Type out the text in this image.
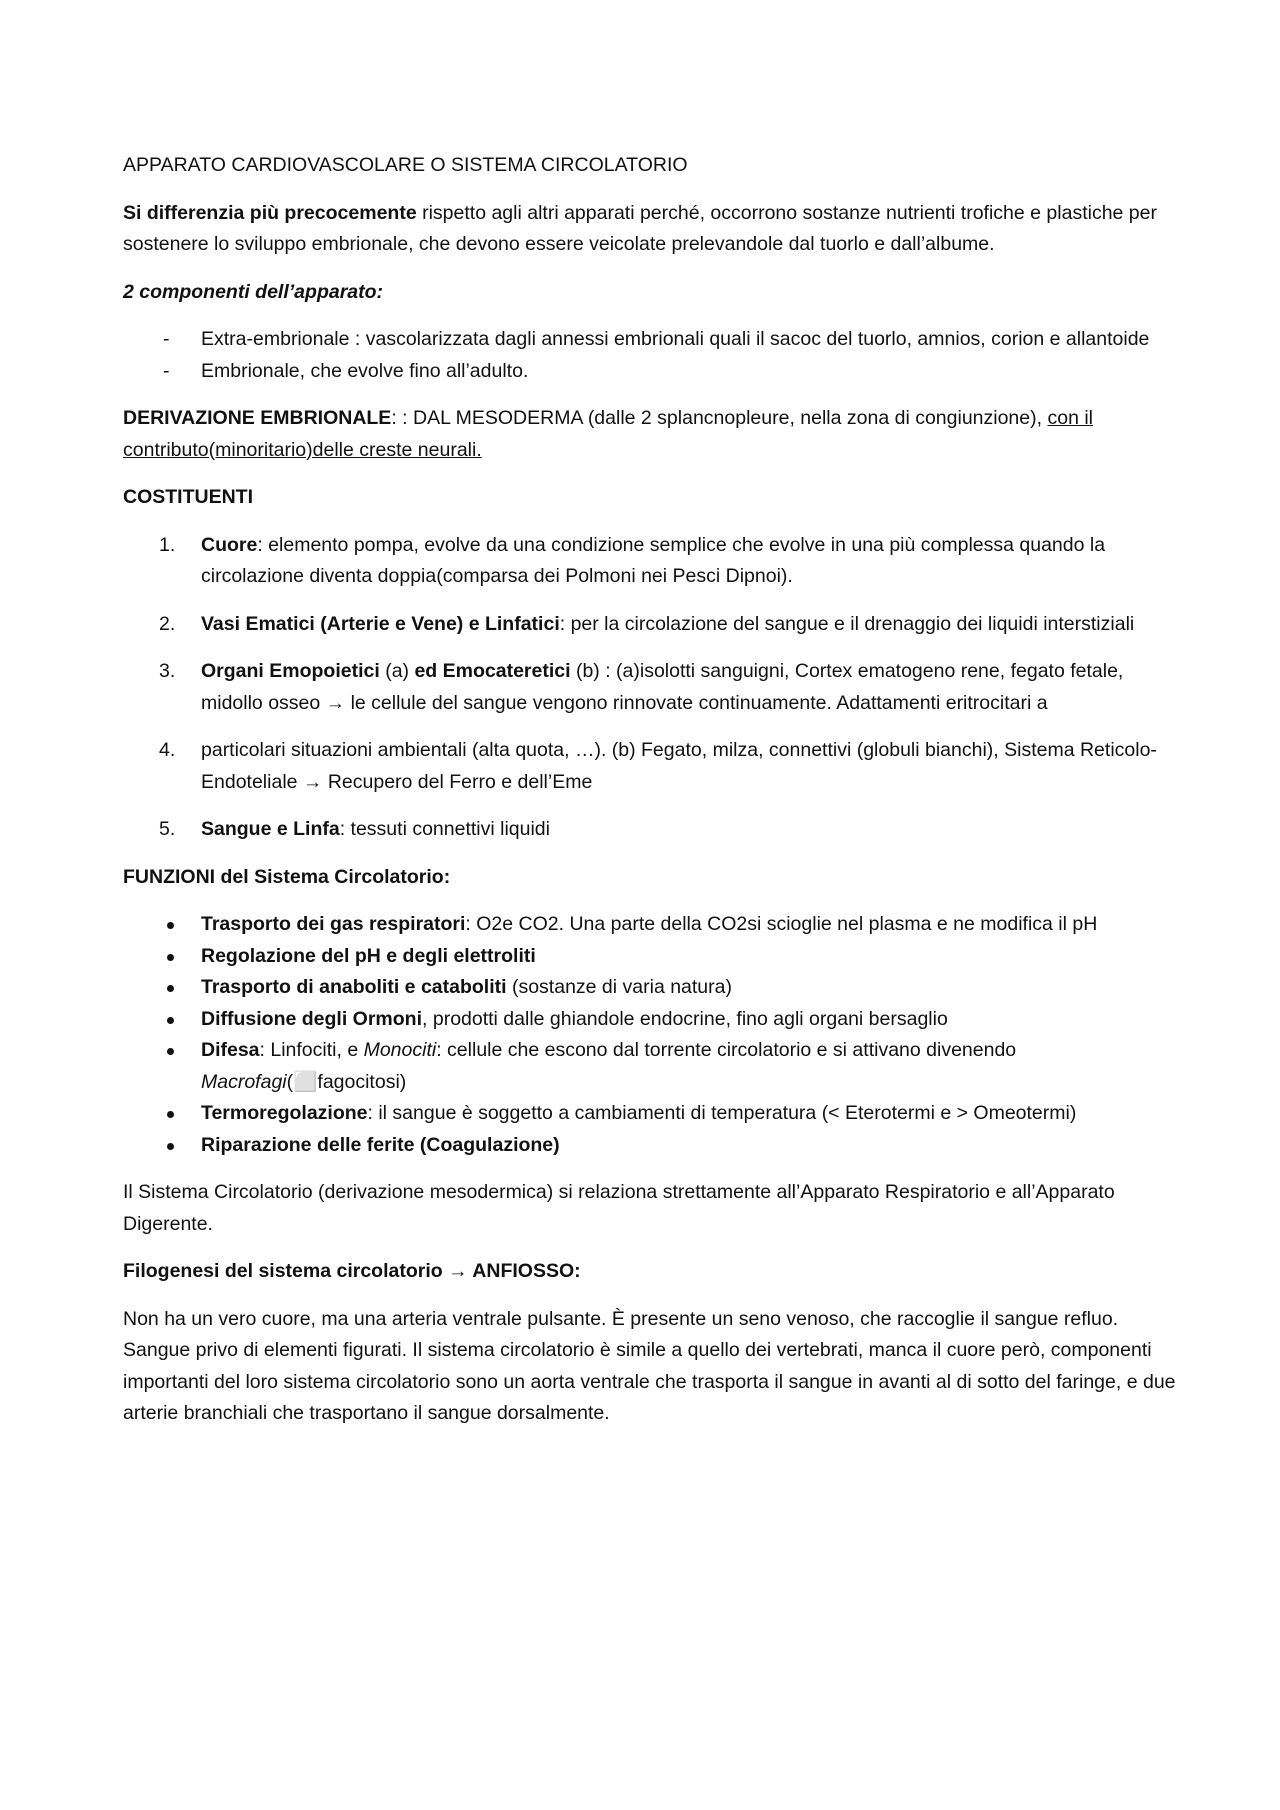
APPARATO CARDIOVASCOLARE O SISTEMA CIRCOLATORIO

Si differenzia più precocemente rispetto agli altri apparati perché, occorrono sostanze nutrienti trofiche e plastiche per sostenere lo sviluppo embrionale, che devono essere veicolate prelevandole dal tuorlo e dall’albume.

2 componenti dell’apparato:

- Extra-embrionale : vascolarizzata dagli annessi embrionali quali il sacoc del tuorlo, amnios, corion e allantoide
- Embrionale, che evolve fino all’adulto.

DERIVAZIONE EMBRIONALE: : DAL MESODERMA (dalle 2 splancnopleure, nella zona di congiunzione), con il contributo(minoritario)delle creste neurali.

COSTITUENTI

1. Cuore: elemento pompa, evolve da una condizione semplice che evolve in una più complessa quando la circolazione diventa doppia(comparsa dei Polmoni nei Pesci Dipnoi).
2. Vasi Ematici (Arterie e Vene) e Linfatici: per la circolazione del sangue e il drenaggio dei liquidi interstiziali
3. Organi Emopoietici (a) ed Emocateretici (b) : (a)isolotti sanguigni, Cortex ematogeno rene, fegato fetale, midollo osseo → le cellule del sangue vengono rinnovate continuamente. Adattamenti eritrocitari a
4. particolari situazioni ambientali (alta quota, …). (b) Fegato, milza, connettivi (globuli bianchi), Sistema Reticolo-Endoteliale → Recupero del Ferro e dell’Eme
5. Sangue e Linfa: tessuti connettivi liquidi

FUNZIONI del Sistema Circolatorio:

Trasporto dei gas respiratori: O2e CO2. Una parte della CO2si scioglie nel plasma e ne modifica il pH
Regolazione del pH e degli elettroliti
Trasporto di anaboliti e cataboliti (sostanze di varia natura)
Diffusione degli Ormoni, prodotti dalle ghiandole endocrine, fino agli organi bersaglio
Difesa: Linfociti, e Monociti: cellule che escono dal torrente circolatorio e si attivano divenendo Macrofagi(⬜fagocitosi)
Termoregolazione: il sangue è soggetto a cambiamenti di temperatura (< Eterotermi e > Omeotermi)
Riparazione delle ferite (Coagulazione)

Il Sistema Circolatorio (derivazione mesodermica) si relaziona strettamente all’Apparato Respiratorio e all’Apparato Digerente.

Filogenesi del sistema circolatorio → ANFIOSSO:

Non ha un vero cuore, ma una arteria ventrale pulsante. È presente un seno venoso, che raccoglie il sangue refluo. Sangue privo di elementi figurati. Il sistema circolatorio è simile a quello dei vertebrati, manca il cuore però, componenti importanti del loro sistema circolatorio sono un aorta ventrale che trasporta il sangue in avanti al di sotto del faringe, e due arterie branchiali che trasportano il sangue dorsalmente.
